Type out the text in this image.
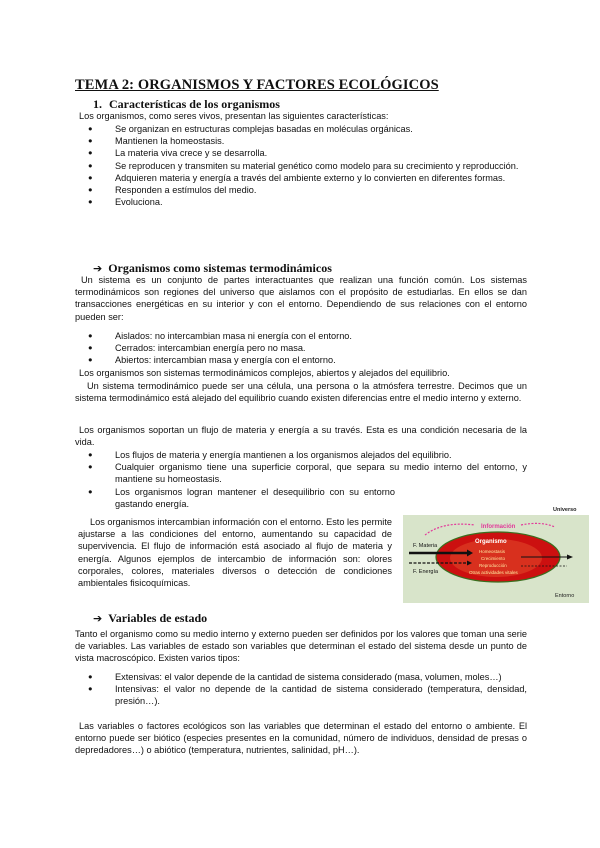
TEMA 2: ORGANISMOS Y FACTORES ECOLÓGICOS
1. Características de los organismos

Los organismos, como seres vivos, presentan las siguientes características:

● Se organizan en estructuras complejas basadas en moléculas orgánicas.
● Mantienen la homeostasis.
● La materia viva crece y se desarrolla.
● Se reproducen y transmiten su material genético como modelo para su crecimiento y reproducción.
● Adquieren materia y energía a través del ambiente externo y lo convierten en diferentes formas.
● Responden a estímulos del medio.
● Evoluciona.
➔ Organismos como sistemas termodinámicos

Un sistema es un conjunto de partes interactuantes que realizan una función común. Los sistemas termodinámicos son regiones del universo que aislamos con el propósito de estudiarlas. En ellos se dan transacciones energéticas en su interior y con el entorno. Dependiendo de sus relaciones con el entorno pueden ser:

● Aislados: no intercambian masa ni energía con el entorno.
● Cerrados: intercambian energía pero no masa.
● Abiertos: intercambian masa y energía con el entorno.

Los organismos son sistemas termodinámicos complejos, abiertos y alejados del equilibrio.

Un sistema termodinámico puede ser una célula, una persona o la atmósfera terrestre. Decimos que un sistema termodinámico está alejado del equilibrio cuando existen diferencias entre el medio interno y externo.

Los organismos soportan un flujo de materia y energía a su través. Esta es una condición necesaria de la vida.

● Los flujos de materia y energía mantienen a los organismos alejados del equilibrio.
● Cualquier organismo tiene una superficie corporal, que separa su medio interno del entorno, y mantiene su homeostasis.
● Los organismos logran mantener el desequilibrio con su entorno gastando energía.

Los organismos intercambian información con el entorno. Esto les permite ajustarse a las condiciones del entorno, aumentando su capacidad de supervivencia. El flujo de información está asociado al flujo de materia y energía. Algunos ejemplos de intercambio de información son: olores corporales, colores, materiales diversos o detección de condiciones ambientales fisicoquímicas.

Universo
Entorno
Información
Organismo
Homeostasis
Crecimiento
Reproducción
Otras actividades vitales
F. Materia
F. Energía
➔ Variables de estado

Tanto el organismo como su medio interno y externo pueden ser definidos por los valores que toman una serie de variables. Las variables de estado son variables que determinan el estado del sistema desde un punto de vista macroscópico. Existen varios tipos:

● Extensivas: el valor depende de la cantidad de sistema considerado (masa, volumen, moles…)
● Intensivas: el valor no depende de la cantidad de sistema considerado (temperatura, densidad, presión…).

Las variables o factores ecológicos son las variables que determinan el estado del entorno o ambiente. El entorno puede ser biótico (especies presentes en la comunidad, número de individuos, densidad de presas o depredadores…) o abiótico (temperatura, nutrientes, salinidad, pH…).
